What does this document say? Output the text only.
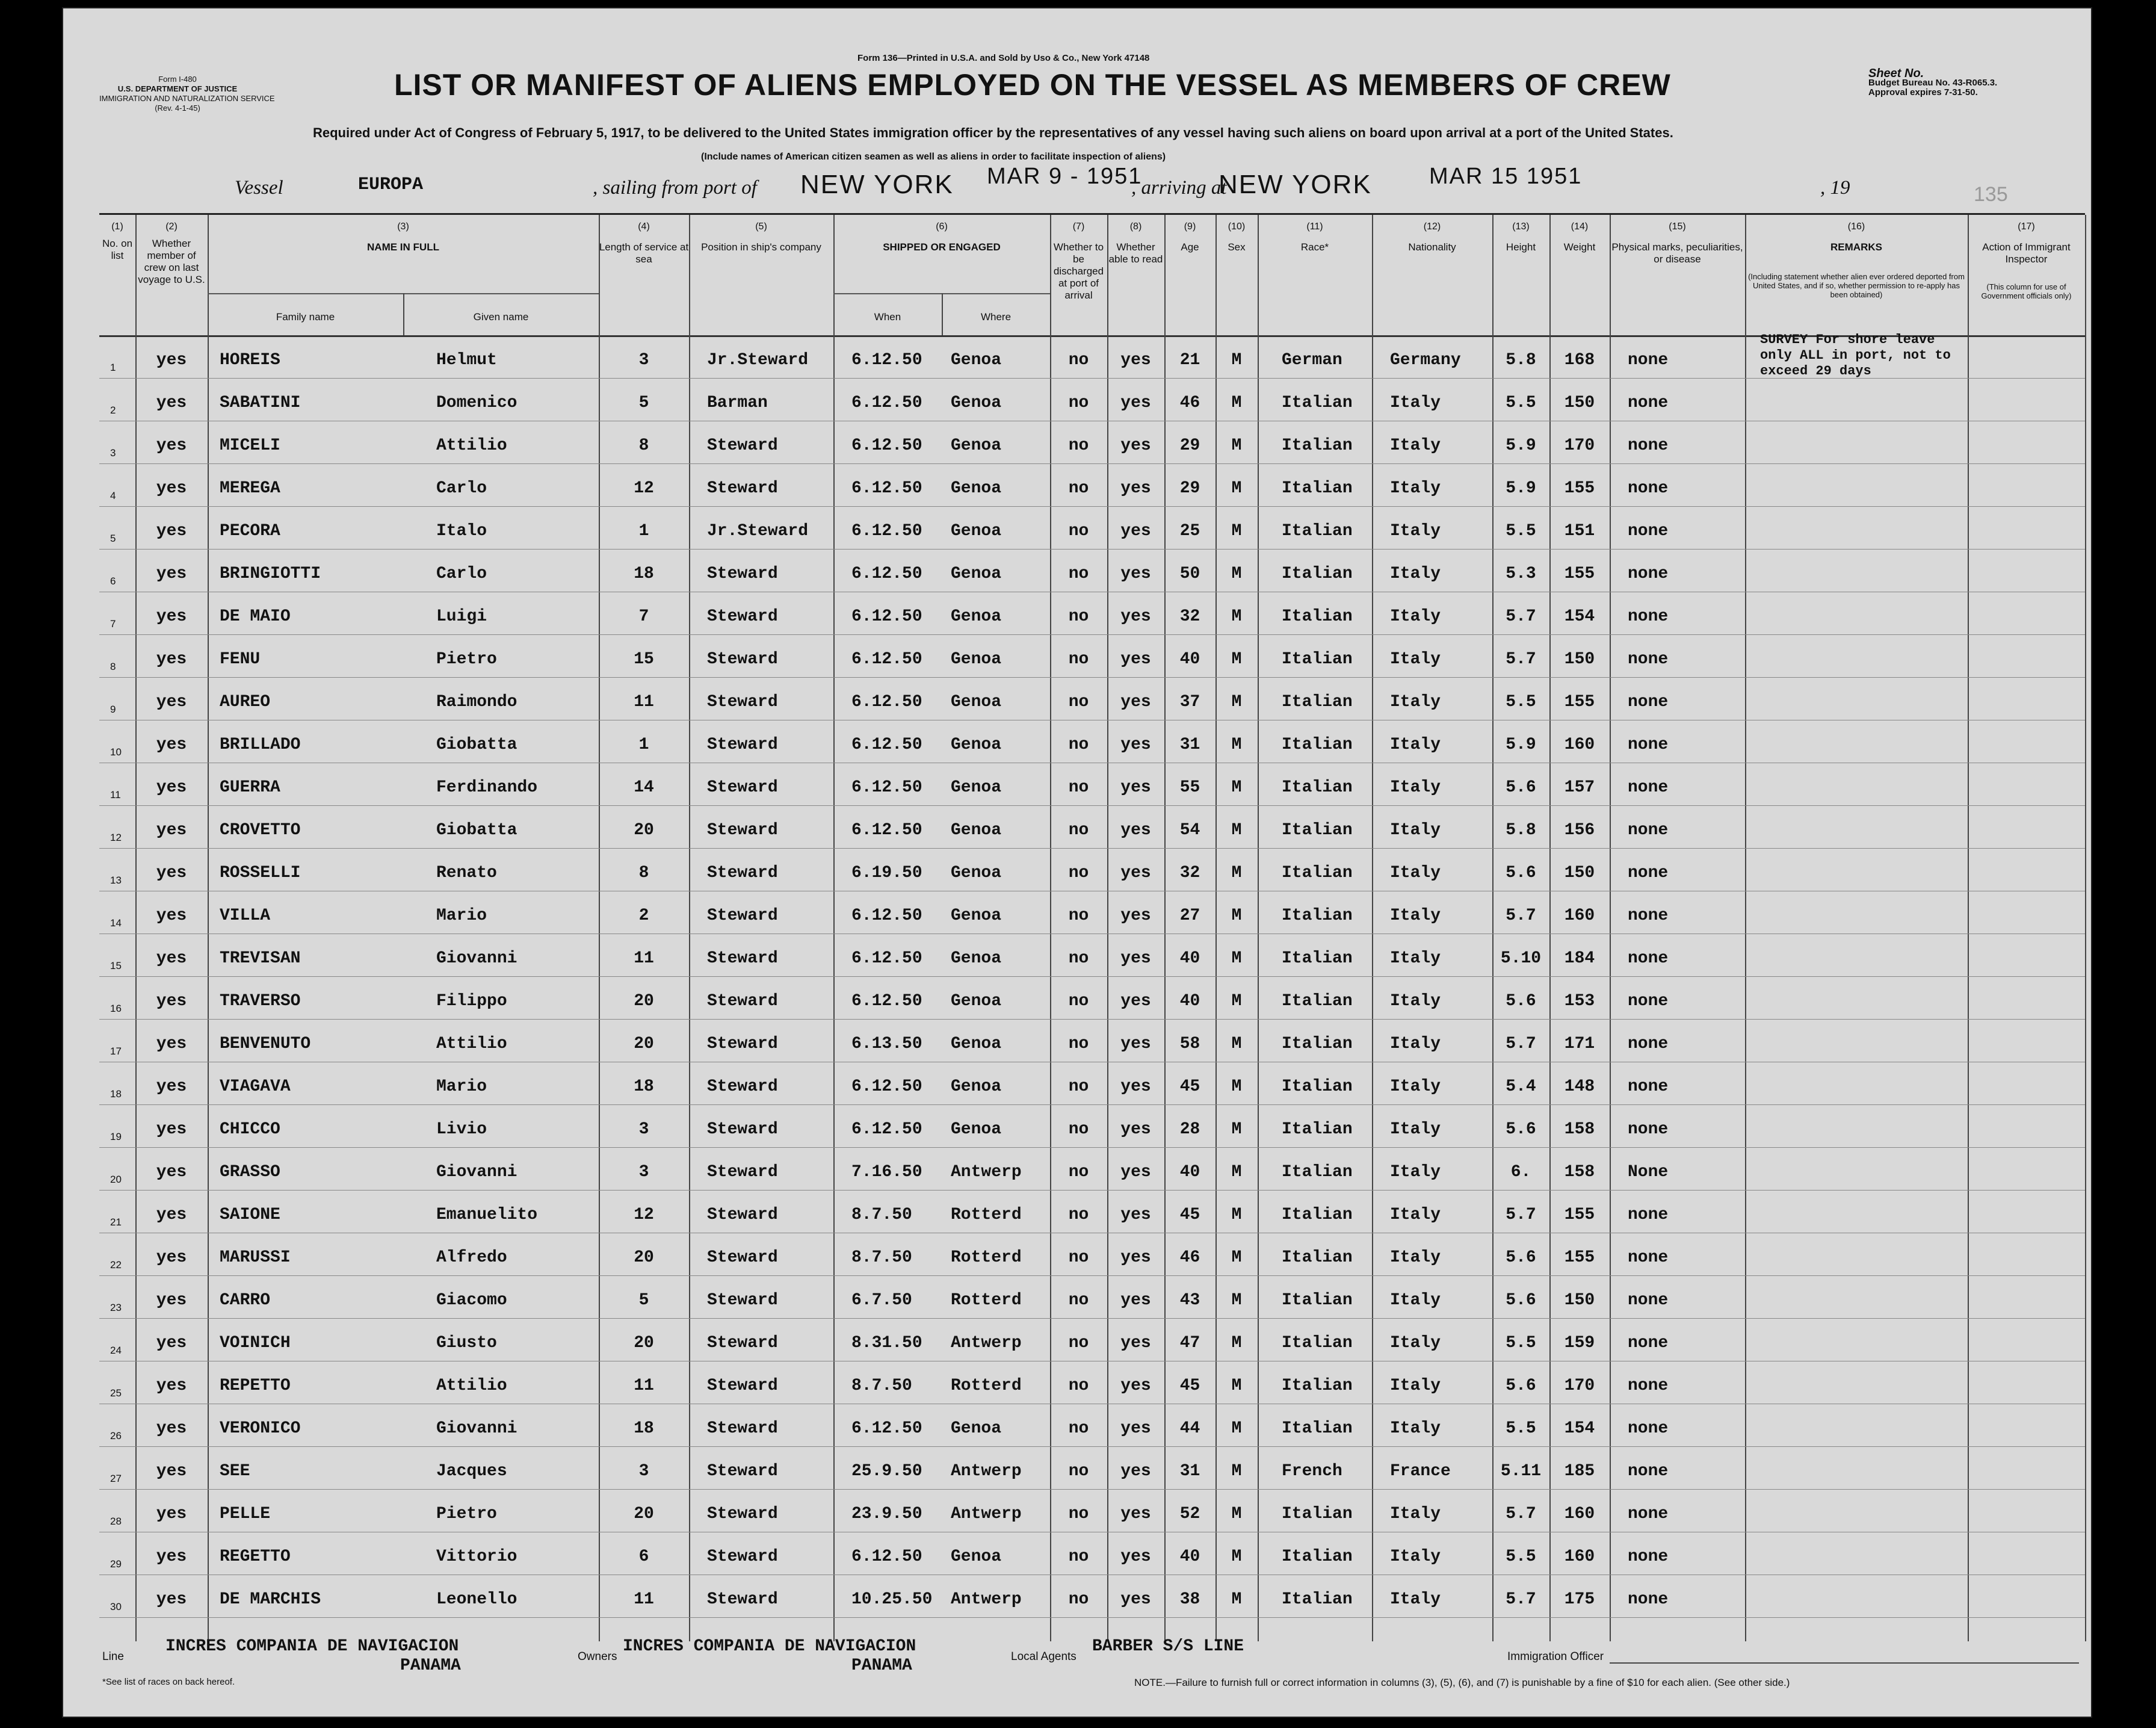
Form I-480
U.S. DEPARTMENT OF JUSTICE
IMMIGRATION AND NATURALIZATION SERVICE
(Rev. 4-1-45)
Form 136—Printed in U.S.A. and Sold by Uso & Co., New York 47148
LIST OR MANIFEST OF ALIENS EMPLOYED ON THE VESSEL AS MEMBERS OF CREW
Required under Act of Congress of February 5, 1917, to be delivered to the United States immigration officer by the representatives of any vessel having such aliens on board upon arrival at a port of the United States.
(Include names of American citizen seamen as well as aliens in order to facilitate inspection of aliens)
Sheet No.
Budget Bureau No. 43-R065.3.
Approval expires 7-31-50.
Vessel	EUROPA	, sailing from port of NEW YORK MAR 9 - 1951
, arriving at
NEW YORK	MAR 15 1951	, 19	135
(1)
No. on list
(2)
Whether member of crew on last voyage to U.S.
(3)
NAME IN FULL
(4)
Length of service at sea
(5)
Position in ship's company
(6)
SHIPPED OR ENGAGED
(7)
Whether to be discharged at port of arrival
(8)
Whether able to read
(9)
Age
(10)
Sex
(11)
Race*
(12)
Nationality
(13)
Height
(14)
Weight
(15)
Physical marks, peculiarities, or disease
(16)
REMARKS
(17)
Action of Immigrant Inspector
Family name	Given name	When	Where
(Including statement whether alien ever ordered deported from United States, and if so, whether permission to re-apply has been obtained)
(This column for use of Government officials only)
1	yes	HOREIS	Helmut	3	Jr.Steward	6.12.50 Genoa	no	yes	21	M	German	Germany	5.8	168	none
2	yes	SABATINI	Domenico	5	Barman	6.12.50 Genoa	no	yes	46	M	Italian Italy	5.5	150	none
3	yes	MICELI	Attilio	8	Steward	6.12.50 Genoa	no	yes	29	M	Italian Italy	5.9	170	none
4	yes	MEREGA	Carlo	12	Steward	6.12.50 Genoa	no	yes	29	M	Italian Italy	5.9	155	none
5	yes	PECORA	Italo	1	Jr.Steward	6.12.50 Genoa	no	yes	25	M	Italian Italy	5.5	151	none
6	yes	BRINGIOTTI	Carlo	18	Steward	6.12.50 Genoa	no	yes	50	M	Italian Italy	5.3	155	none
7	yes	DE MAIO	Luigi	7	Steward	6.12.50 Genoa	no	yes	32	M	Italian Italy	5.7	154	none
8	yes	FENU	Pietro	15	Steward	6.12.50 Genoa	no	yes	40	M	Italian Italy	5.7	150	none
9	yes	AUREO	Raimondo	11	Steward	6.12.50 Genoa	no	yes	37	M	Italian Italy	5.5	155	none
10	yes	BRILLADO	Giobatta	1	Steward	6.12.50 Genoa	no	yes	31	M	Italian Italy	5.9	160	none
11	yes	GUERRA	Ferdinando	14	Steward	6.12.50 Genoa	no	yes	55	M	Italian Italy	5.6	157	none
12	yes	CROVETTO	Giobatta	20	Steward	6.12.50 Genoa	no	yes	54	M	Italian Italy	5.8	156	none
13	yes	ROSSELLI	Renato	8	Steward	6.19.50 Genoa	no	yes	32	M	Italian Italy	5.6	150	none
14	yes	VILLA	Mario	2	Steward	6.12.50 Genoa	no	yes	27	M	Italian Italy	5.7	160	none
15	yes	TREVISAN	Giovanni	11	Steward	6.12.50 Genoa	no	yes	40	M	Italian Italy	5.10	184	none
16	yes	TRAVERSO	Filippo	20	Steward	6.12.50 Genoa	no	yes	40	M	Italian Italy	5.6	153	none
17	yes	BENVENUTO	Attilio	20	Steward	6.13.50 Genoa	no	yes	58	M	Italian Italy	5.7	171	none
18	yes	VIAGAVA	Mario	18	Steward	6.12.50 Genoa	no	yes	45	M	Italian Italy	5.4	148	none
19	yes	CHICCO	Livio	3	Steward	6.12.50 Genoa	no	yes	28	M	Italian Italy	5.6	158	none
20	yes	GRASSO	Giovanni	3	Steward	7.16.50 Antwerp	no	yes	40	M	Italian Italy	6.	158	None
21	yes	SAIONE	Emanuelito	12	Steward	8.7.50 Rotterd	no	yes	45	M	Italian Italy	5.7	155	none
22	yes	MARUSSI	Alfredo	20	Steward	8.7.50 Rotterd	no	yes	46	M	Italian Italy	5.6	155	none
23	yes	CARRO	Giacomo	5	Steward	6.7.50 Rotterd	no	yes	43	M	Italian Italy	5.6	150	none
24	yes	VOINICH	Giusto	20	Steward	8.31.50 Antwerp	no	yes	47	M	Italian Italy	5.5	159	none
25	yes	REPETTO	Attilio	11	Steward	8.7.50 Rotterd	no	yes	45	M	Italian Italy	5.6	170	none
26	yes	VERONICO	Giovanni	18	Steward	6.12.50 Genoa	no	yes	44	M	Italian Italy	5.5	154	none
27	yes	SEE	Jacques	3	Steward	25.9.50 Antwerp	no	yes	31	M	French	France	5.11	185	none
28	yes	PELLE	Pietro	20	Steward	23.9.50 Antwerp	no	yes	52	M	Italian Italy	5.7	160	none
29	yes	REGETTO	Vittorio	6	Steward	6.12.50 Genoa	no	yes	40	M	Italian Italy	5.5	160	none
30	yes	DE MARCHIS	Leonello	11	Steward	10.25.50 Antwerp	no	yes	38	M	Italian Italy	5.7	175	none
SURVEY For shore leave only ALL in port, not to exceed 29 days
Line
INCRES COMPANIA DE NAVIGACION
PANAMA	Owners
INCRES COMPANIA DE NAVIGACION
PANAMA	Local Agents
BARBER S/S LINE
Immigration Officer
*See list of races on back hereof.	NOTE.—Failure to furnish full or correct information in columns (3), (5), (6), and (7) is punishable by a fine of $10 for each alien. (See other side.)
